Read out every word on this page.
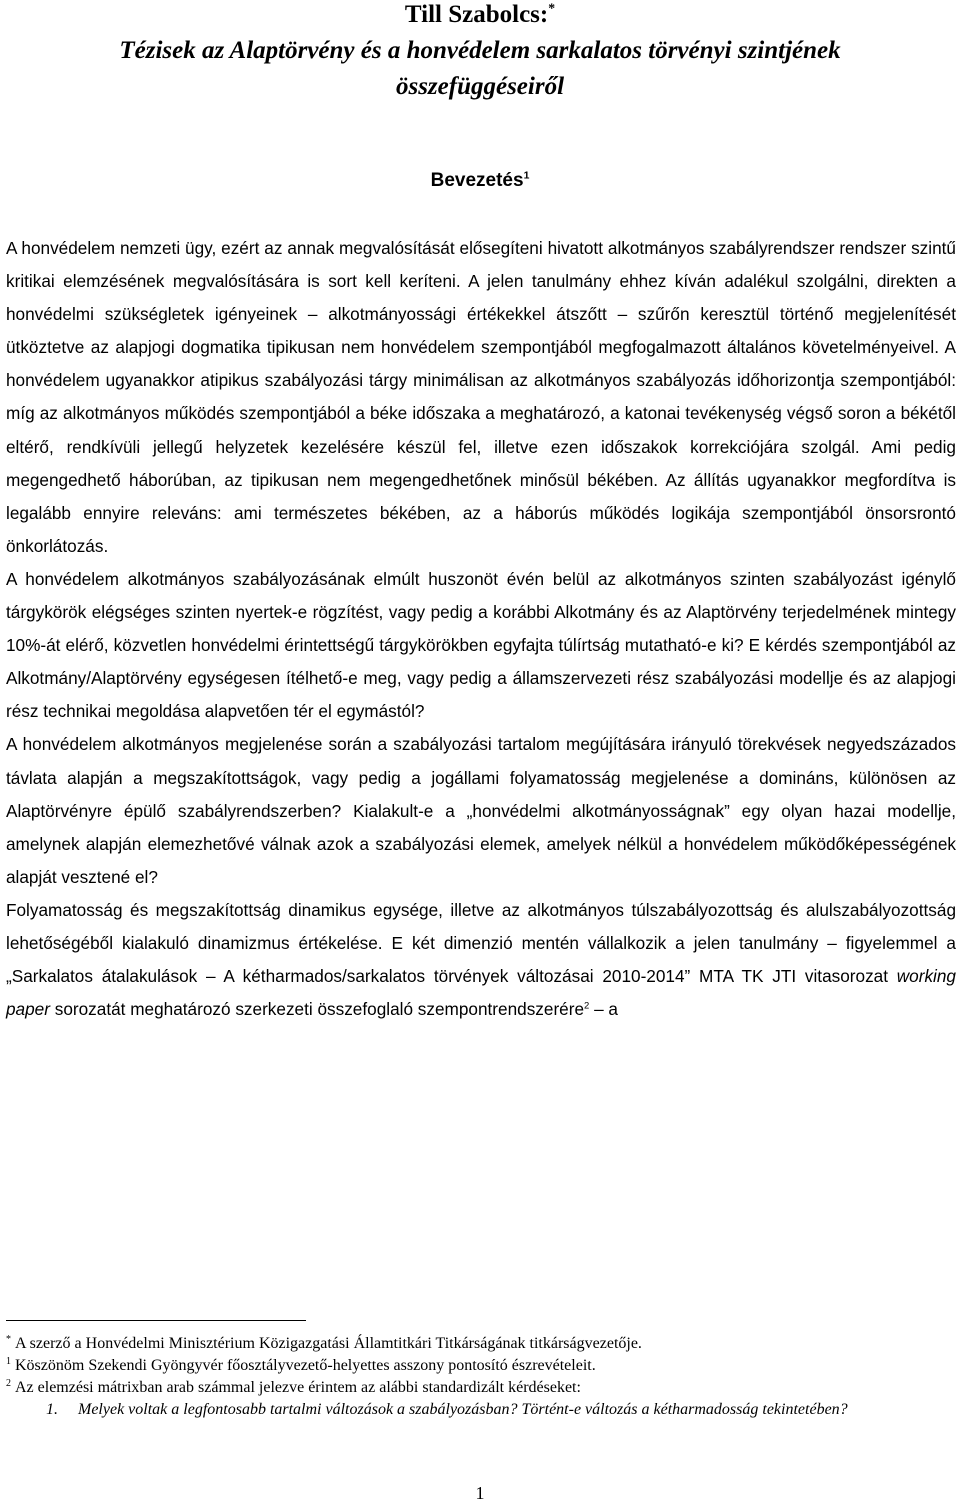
Till Szabolcs:*
Tézisek az Alaptörvény és a honvédelem sarkalatos törvényi szintjének összefüggéseiről
Bevezetés$^1$

A honvédelem nemzeti ügy, ezért az annak megvalósítását elősegíteni hivatott alkotmányos szabályrendszer rendszer szintű kritikai elemzésének megvalósítására is sort kell keríteni. A jelen tanulmány ehhez kíván adalékul szolgálni, direkten a honvédelmi szükségletek igényeinek – alkotmányossági értékekkel átszőtt – szűrőn keresztül történő megjelenítését ütköztetve az alapjogi dogmatika tipikusan nem honvédelem szempontjából megfogalmazott általános követelményeivel. A honvédelem ugyanakkor atipikus szabályozási tárgy minimálisan az alkotmányos szabályozás időhorizontja szempontjából: míg az alkotmányos működés szempontjából a béke időszaka a meghatározó, a katonai tevékenység végső soron a békétől eltérő, rendkívüli jellegű helyzetek kezelésére készül fel, illetve ezen időszakok korrekciójára szolgál. Ami pedig megengedhető háborúban, az tipikusan nem megengedhetőnek minősül békében. Az állítás ugyanakkor megfordítva is legalább ennyire releváns: ami természetes békében, az a háborús működés logikája szempontjából önsorsrontó önkorlátozás.

A honvédelem alkotmányos szabályozásának elmúlt huszonöt évén belül az alkotmányos szinten szabályozást igénylő tárgykörök elégséges szinten nyertek-e rögzítést, vagy pedig a korábbi Alkotmány és az Alaptörvény terjedelmének mintegy 10%-át elérő, közvetlen honvédelmi érintettségű tárgykörökben egyfajta túlírtság mutatható-e ki? E kérdés szempontjából az Alkotmány/Alaptörvény egységesen ítélhető-e meg, vagy pedig a államszervezeti rész szabályozási modellje és az alapjogi rész technikai megoldása alapvetően tér el egymástól?

A honvédelem alkotmányos megjelenése során a szabályozási tartalom megújítására irányuló törekvések negyedszázados távlata alapján a megszakítottságok, vagy pedig a jogállami folyamatosság megjelenése a domináns, különösen az Alaptörvényre épülő szabályrendszerben? Kialakult-e a „honvédelmi alkotmányosságnak” egy olyan hazai modellje, amelynek alapján elemezhetővé válnak azok a szabályozási elemek, amelyek nélkül a honvédelem működőképességének alapját vesztené el?

Folyamatosság és megszakítottság dinamikus egysége, illetve az alkotmányos túlszabályozottság és alulszabályozottság lehetőségéből kialakuló dinamizmus értékelése. E két dimenzió mentén vállalkozik a jelen tanulmány – figyelemmel a „Sarkalatos átalakulások – A kétharmados/sarkalatos törvények változásai 2010-2014” MTA TK JTI vitasorozat working paper sorozatát meghatározó szerkezeti összefoglaló szempontrendszerére$^2$ – a

* A szerző a Honvédelmi Minisztérium Közigazgatási Államtitkári Titkárságának titkárságvezetője.

$^1$ Köszönöm Szekendi Gyöngyvér főosztályvezető-helyettes asszony pontosító észrevételeit.

$^2$ Az elemzési mátrixban arab számmal jelezve érintem az alábbi standardizált kérdéseket:

1. Melyek voltak a legfontosabb tartalmi változások a szabályozásban? Történt-e változás a kétharmadosság tekintetében?

1
